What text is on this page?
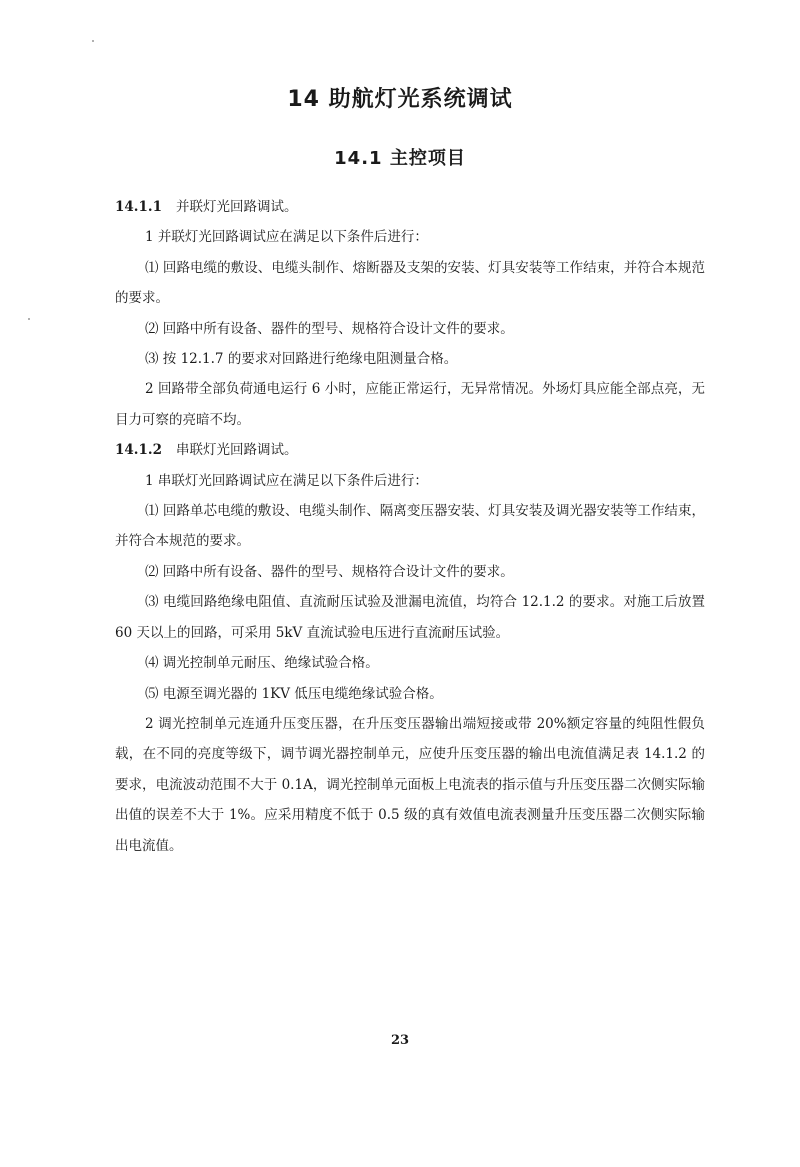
14 助航灯光系统调试
14.1 主控项目

14.1.1 并联灯光回路调试。

1 并联灯光回路调试应在满足以下条件后进行：

⑴ 回路电缆的敷设、电缆头制作、熔断器及支架的安装、灯具安装等工作结束，并符合本规范的要求。

⑵ 回路中所有设备、器件的型号、规格符合设计文件的要求。

⑶ 按 12.1.7 的要求对回路进行绝缘电阻测量合格。

2 回路带全部负荷通电运行 6 小时，应能正常运行，无异常情况。外场灯具应能全部点亮，无目力可察的亮暗不均。

14.1.2 串联灯光回路调试。

1 串联灯光回路调试应在满足以下条件后进行：

⑴ 回路单芯电缆的敷设、电缆头制作、隔离变压器安装、灯具安装及调光器安装等工作结束，并符合本规范的要求。

⑵ 回路中所有设备、器件的型号、规格符合设计文件的要求。

⑶ 电缆回路绝缘电阻值、直流耐压试验及泄漏电流值，均符合 12.1.2 的要求。对施工后放置 60 天以上的回路，可采用 5kV 直流试验电压进行直流耐压试验。

⑷ 调光控制单元耐压、绝缘试验合格。

⑸ 电源至调光器的 1KV 低压电缆绝缘试验合格。

2 调光控制单元连通升压变压器，在升压变压器输出端短接或带 20%额定容量的纯阻性假负载，在不同的亮度等级下，调节调光器控制单元，应使升压变压器的输出电流值满足表 14.1.2 的要求，电流波动范围不大于 0.1A，调光控制单元面板上电流表的指示值与升压变压器二次侧实际输出值的误差不大于 1%。应采用精度不低于 0.5 级的真有效值电流表测量升压变压器二次侧实际输出电流值。

23
